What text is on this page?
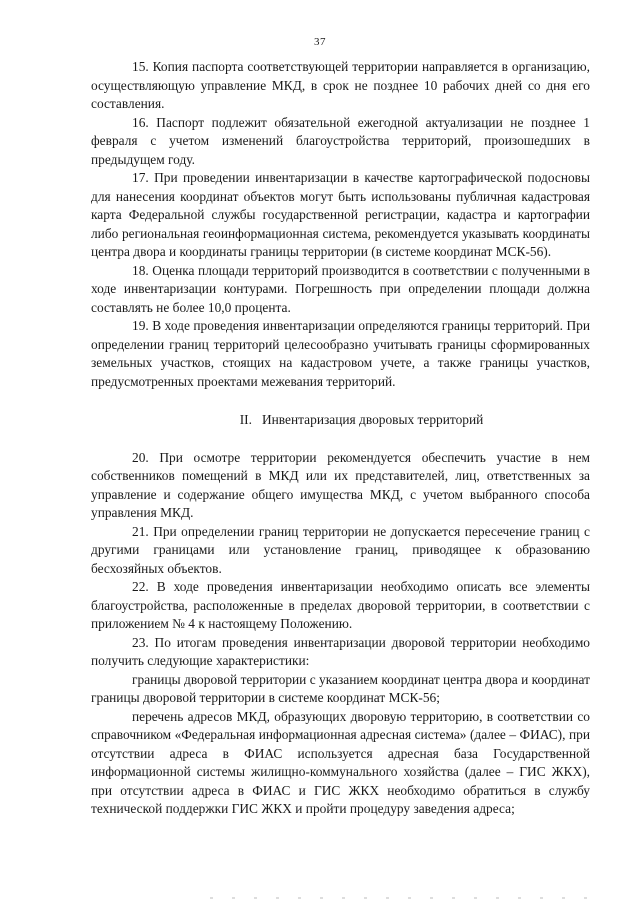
37

15. Копия паспорта соответствующей территории направляется в организацию, осуществляющую управление МКД, в срок не позднее 10 рабочих дней со дня его составления.

16. Паспорт подлежит обязательной ежегодной актуализации не позднее 1 февраля с учетом изменений благоустройства территорий, произошедших в предыдущем году.

17. При проведении инвентаризации в качестве картографической подосновы для нанесения координат объектов могут быть использованы публичная кадастровая карта Федеральной службы государственной регистрации, кадастра и картографии либо региональная геоинформационная система, рекомендуется указывать координаты центра двора и координаты границы территории (в системе координат МСК-56).

18. Оценка площади территорий производится в соответствии с полученными в ходе инвентаризации контурами. Погрешность при определении площади должна составлять не более 10,0 процента.

19. В ходе проведения инвентаризации определяются границы территорий. При определении границ территорий целесообразно учитывать границы сформированных земельных участков, стоящих на кадастровом учете, а также границы участков, предусмотренных проектами межевания территорий.

II. Инвентаризация дворовых территорий

20. При осмотре территории рекомендуется обеспечить участие в нем собственников помещений в МКД или их представителей, лиц, ответственных за управление и содержание общего имущества МКД, с учетом выбранного способа управления МКД.

21. При определении границ территории не допускается пересечение границ с другими границами или установление границ, приводящее к образованию бесхозяйных объектов.

22. В ходе проведения инвентаризации необходимо описать все элементы благоустройства, расположенные в пределах дворовой территории, в соответствии с приложением № 4 к настоящему Положению.

23. По итогам проведения инвентаризации дворовой территории необходимо получить следующие характеристики:

границы дворовой территории с указанием координат центра двора и координат границы дворовой территории в системе координат МСК-56;

перечень адресов МКД, образующих дворовую территорию, в соответствии со справочником «Федеральная информационная адресная система» (далее – ФИАС), при отсутствии адреса в ФИАС используется адресная база Государственной информационной системы жилищно-коммунального хозяйства (далее – ГИС ЖКХ), при отсутствии адреса в ФИАС и ГИС ЖКХ необходимо обратиться в службу технической поддержки ГИС ЖКХ и пройти процедуру заведения адреса;
